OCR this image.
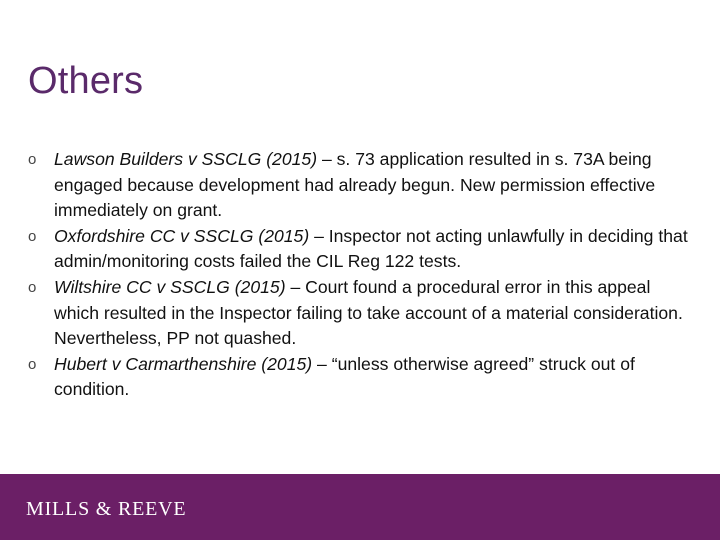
Others
o Lawson Builders v SSCLG (2015) – s. 73 application resulted in s. 73A being engaged because development had already begun. New permission effective immediately on grant.
o Oxfordshire CC v SSCLG (2015) – Inspector not acting unlawfully in deciding that admin/monitoring costs failed the CIL Reg 122 tests.
o Wiltshire CC v SSCLG (2015) – Court found a procedural error in this appeal which resulted in the Inspector failing to take account of a material consideration. Nevertheless, PP not quashed.
o Hubert v Carmarthenshire (2015) – “unless otherwise agreed” struck out of condition.
MILLS & REEVE
